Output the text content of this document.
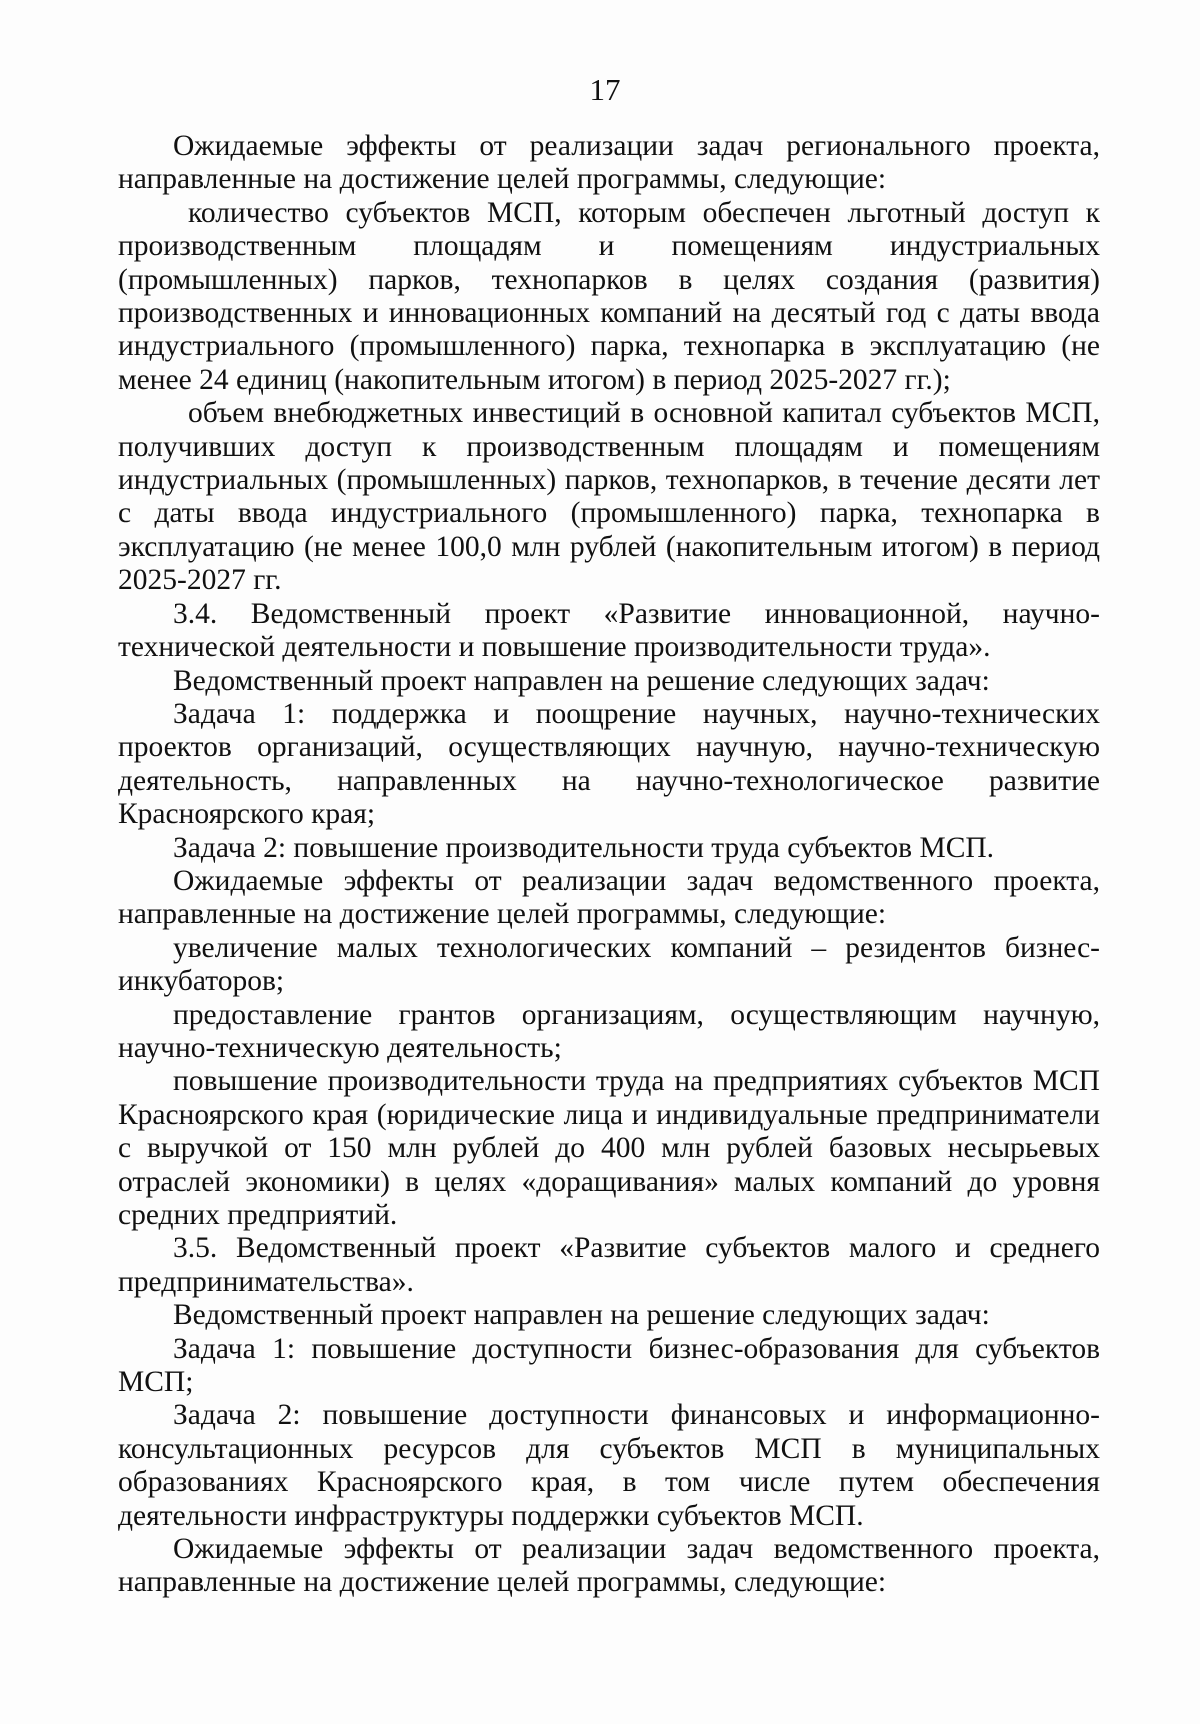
17

Ожидаемые эффекты от реализации задач регионального проекта, направленные на достижение целей программы, следующие:

количество субъектов МСП, которым обеспечен льготный доступ к производственным площадям и помещениям индустриальных (промышленных) парков, технопарков в целях создания (развития) производственных и инновационных компаний на десятый год с даты ввода индустриального (промышленного) парка, технопарка в эксплуатацию (не менее 24 единиц (накопительным итогом) в период 2025-2027 гг.);

объем внебюджетных инвестиций в основной капитал субъектов МСП, получивших доступ к производственным площадям и помещениям индустриальных (промышленных) парков, технопарков, в течение десяти лет с даты ввода индустриального (промышленного) парка, технопарка в эксплуатацию (не менее 100,0 млн рублей (накопительным итогом) в период 2025-2027 гг.

3.4. Ведомственный проект «Развитие инновационной, научно-технической деятельности и повышение производительности труда».

Ведомственный проект направлен на решение следующих задач:

Задача 1: поддержка и поощрение научных, научно-технических проектов организаций, осуществляющих научную, научно-техническую деятельность, направленных на научно-технологическое развитие Красноярского края;

Задача 2: повышение производительности труда субъектов МСП.

Ожидаемые эффекты от реализации задач ведомственного проекта, направленные на достижение целей программы, следующие:

увеличение малых технологических компаний – резидентов бизнес-инкубаторов;

предоставление грантов организациям, осуществляющим научную, научно-техническую деятельность;

повышение производительности труда на предприятиях субъектов МСП Красноярского края (юридические лица и индивидуальные предприниматели с выручкой от 150 млн рублей до 400 млн рублей базовых несырьевых отраслей экономики) в целях «доращивания» малых компаний до уровня средних предприятий.

3.5. Ведомственный проект «Развитие субъектов малого и среднего предпринимательства».

Ведомственный проект направлен на решение следующих задач:

Задача 1: повышение доступности бизнес-образования для субъектов МСП;

Задача 2: повышение доступности финансовых и информационно-консультационных ресурсов для субъектов МСП в муниципальных образованиях Красноярского края, в том числе путем обеспечения деятельности инфраструктуры поддержки субъектов МСП.

Ожидаемые эффекты от реализации задач ведомственного проекта, направленные на достижение целей программы, следующие:
